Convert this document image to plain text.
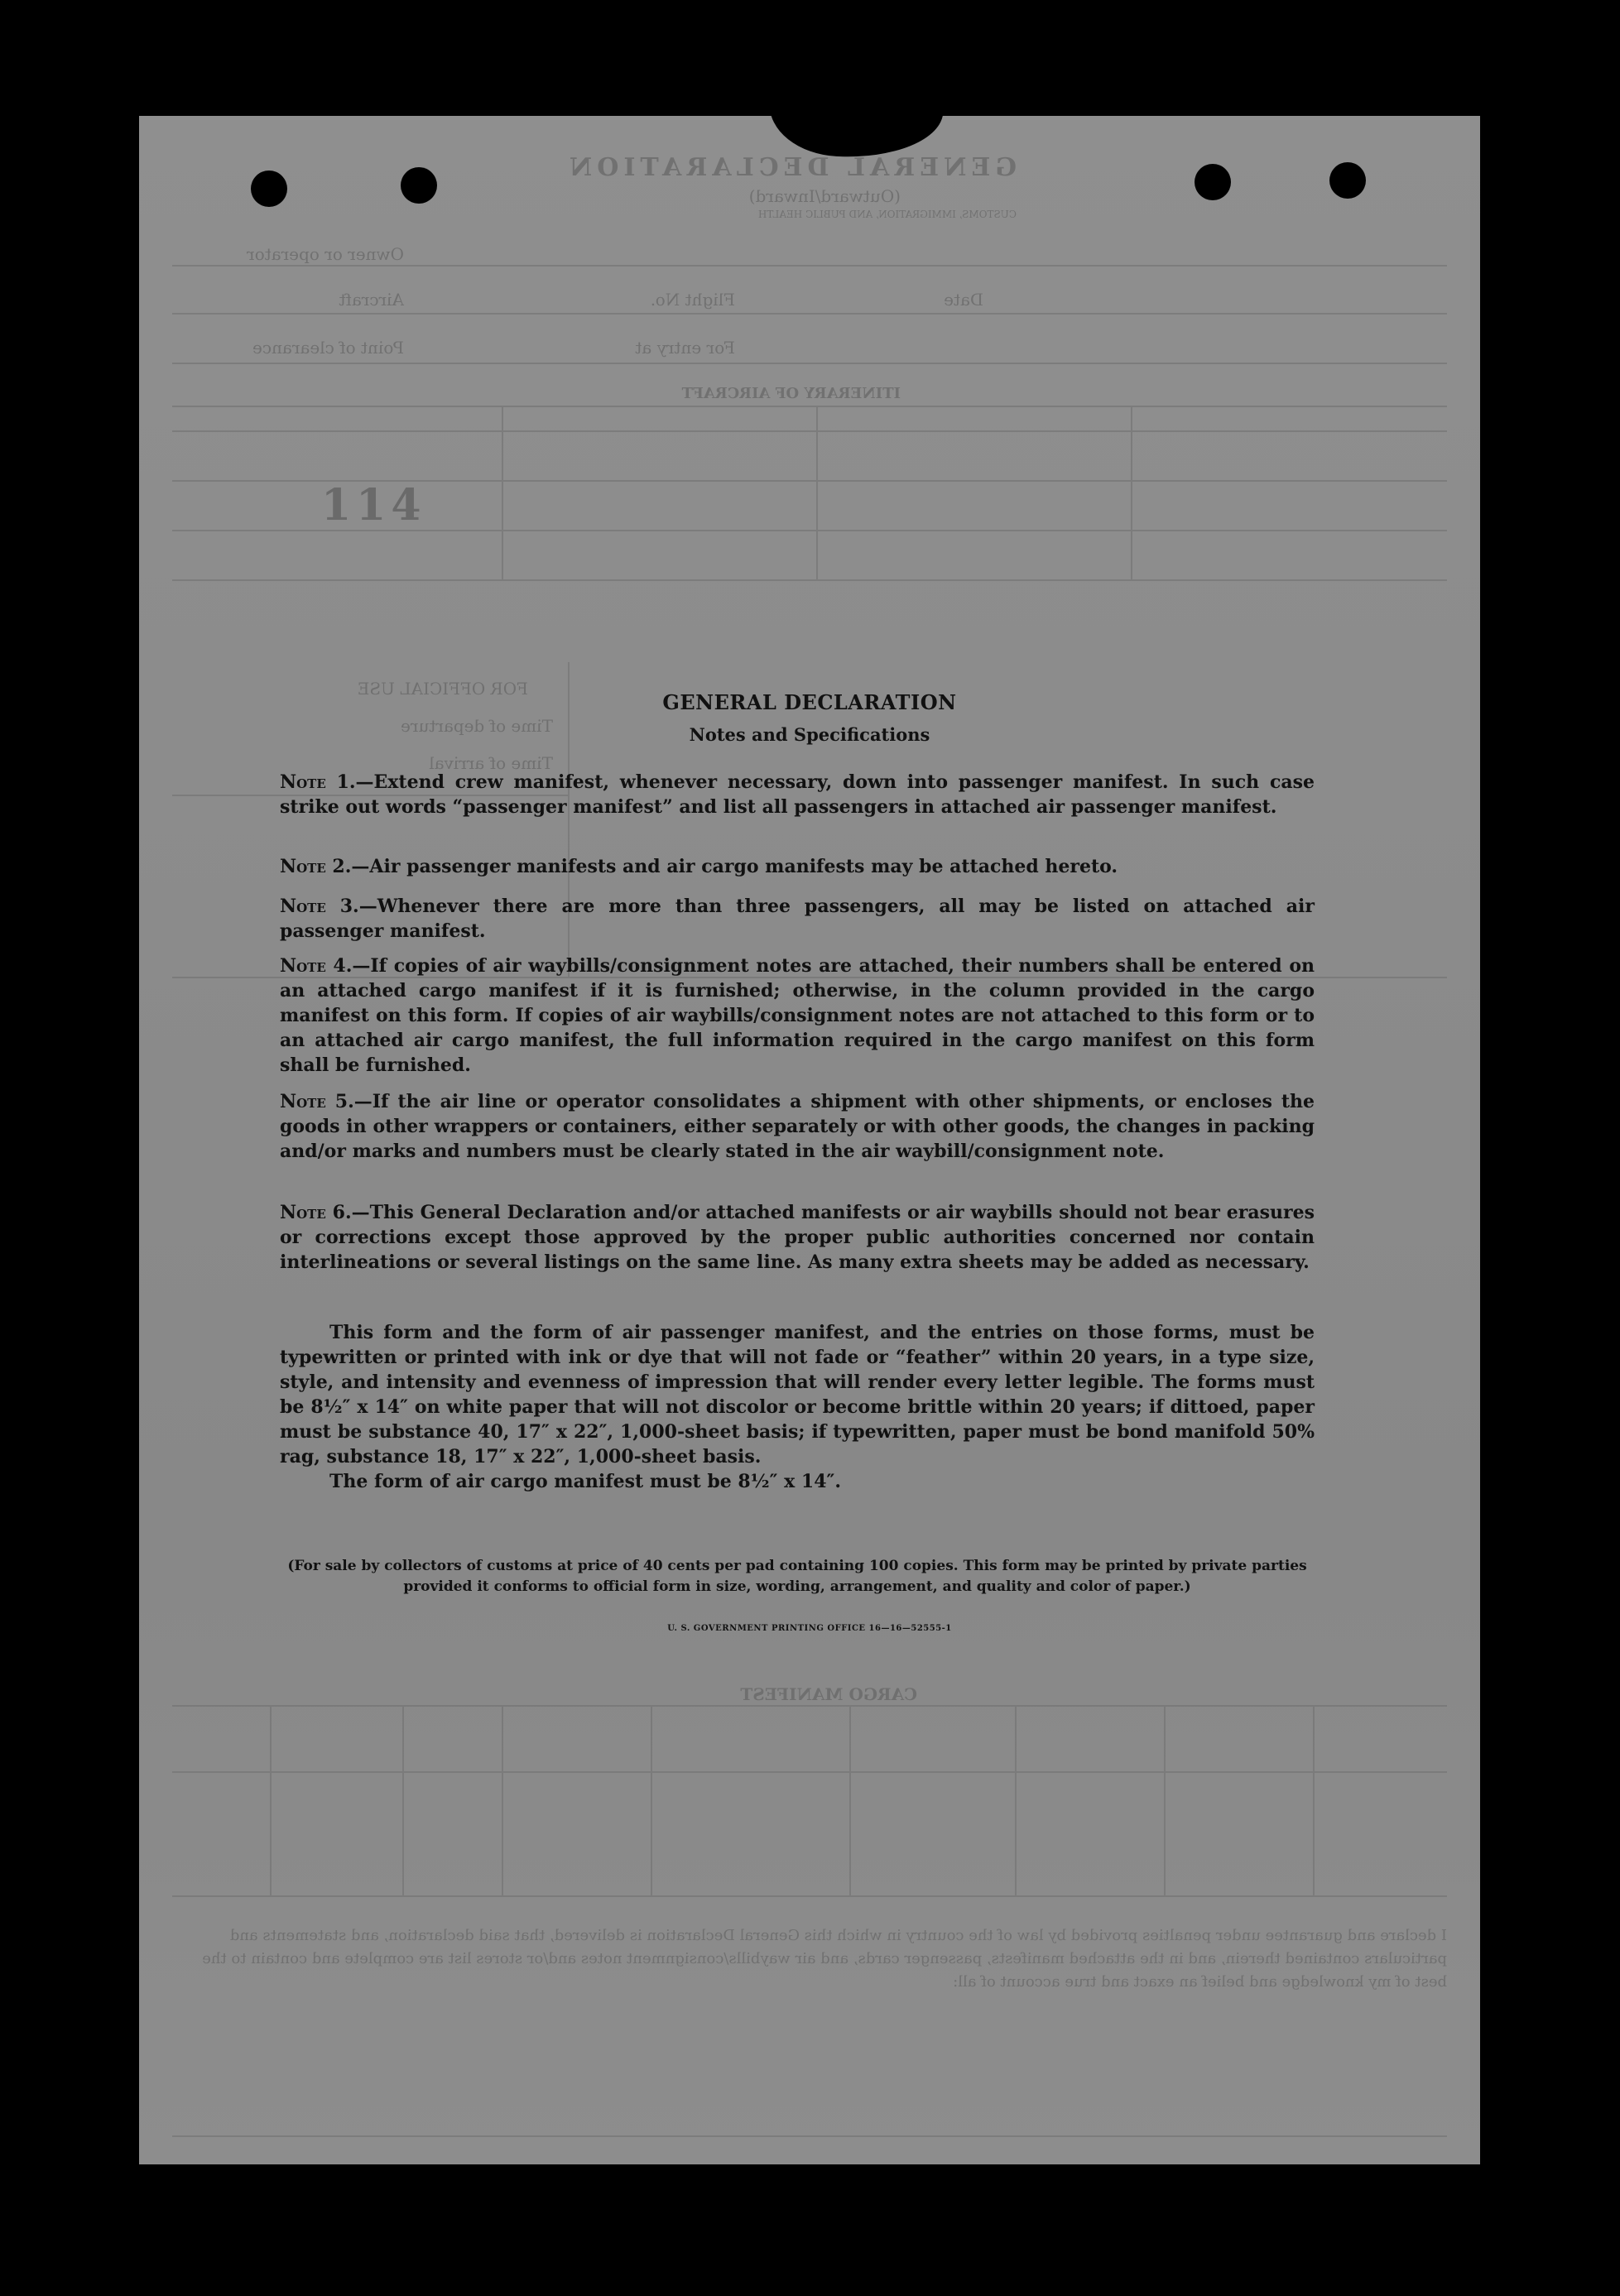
GENERAL DECLARATION
(Outward/Inward)
CUSTOMS, IMMIGRATION, AND PUBLIC HEALTH
Owner or operator
Aircraft	Flight No.	Date
Point of clearance	For entry at
ITINERARY OF AIRCRAFT
FOR OFFICIAL USE
Time of departure
Time of arrival
CARGO MANIFEST
I declare and guarantee under penalties provided by law of the country in which this General Declaration is delivered, that said declaration, and statements and particulars contained therein, and in the attached manifests, passenger cards, and air waybills/consignment notes and/or stores list are complete and contain to the best of my knowledge and belief an exact and true account of all:
114
GENERAL DECLARATION
Notes and Specifications
Note 1.—Extend crew manifest, whenever necessary, down into passenger manifest. In such case strike out words “passenger manifest” and list all passengers in attached air passenger manifest.
Note 2.—Air passenger manifests and air cargo manifests may be attached hereto.
Note 3.—Whenever there are more than three passengers, all may be listed on attached air passenger manifest.
Note 4.—If copies of air waybills/consignment notes are attached, their numbers shall be entered on an attached cargo manifest if it is furnished; otherwise, in the column provided in the cargo manifest on this form. If copies of air waybills/consignment notes are not attached to this form or to an attached air cargo manifest, the full information required in the cargo manifest on this form shall be furnished.
Note 5.—If the air line or operator consolidates a shipment with other shipments, or encloses the goods in other wrappers or containers, either separately or with other goods, the changes in packing and/or marks and numbers must be clearly stated in the air waybill/consignment note.
Note 6.—This General Declaration and/or attached manifests or air waybills should not bear erasures or corrections except those approved by the proper public authorities concerned nor contain interlineations or several listings on the same line. As many extra sheets may be added as necessary.
This form and the form of air passenger manifest, and the entries on those forms, must be typewritten or printed with ink or dye that will not fade or “feather” within 20 years, in a type size, style, and intensity and evenness of impression that will render every letter legible. The forms must be 8½″ x 14″ on white paper that will not discolor or become brittle within 20 years; if dittoed, paper must be substance 40, 17″ x 22″, 1,000-sheet basis; if typewritten, paper must be bond manifold 50% rag, substance 18, 17″ x 22″, 1,000-sheet basis.
The form of air cargo manifest must be 8½″ x 14″.
(For sale by collectors of customs at price of 40 cents per pad containing 100 copies. This form may be printed by private parties provided it conforms to official form in size, wording, arrangement, and quality and color of paper.)
U. S. GOVERNMENT PRINTING OFFICE 16—16—52555-1
